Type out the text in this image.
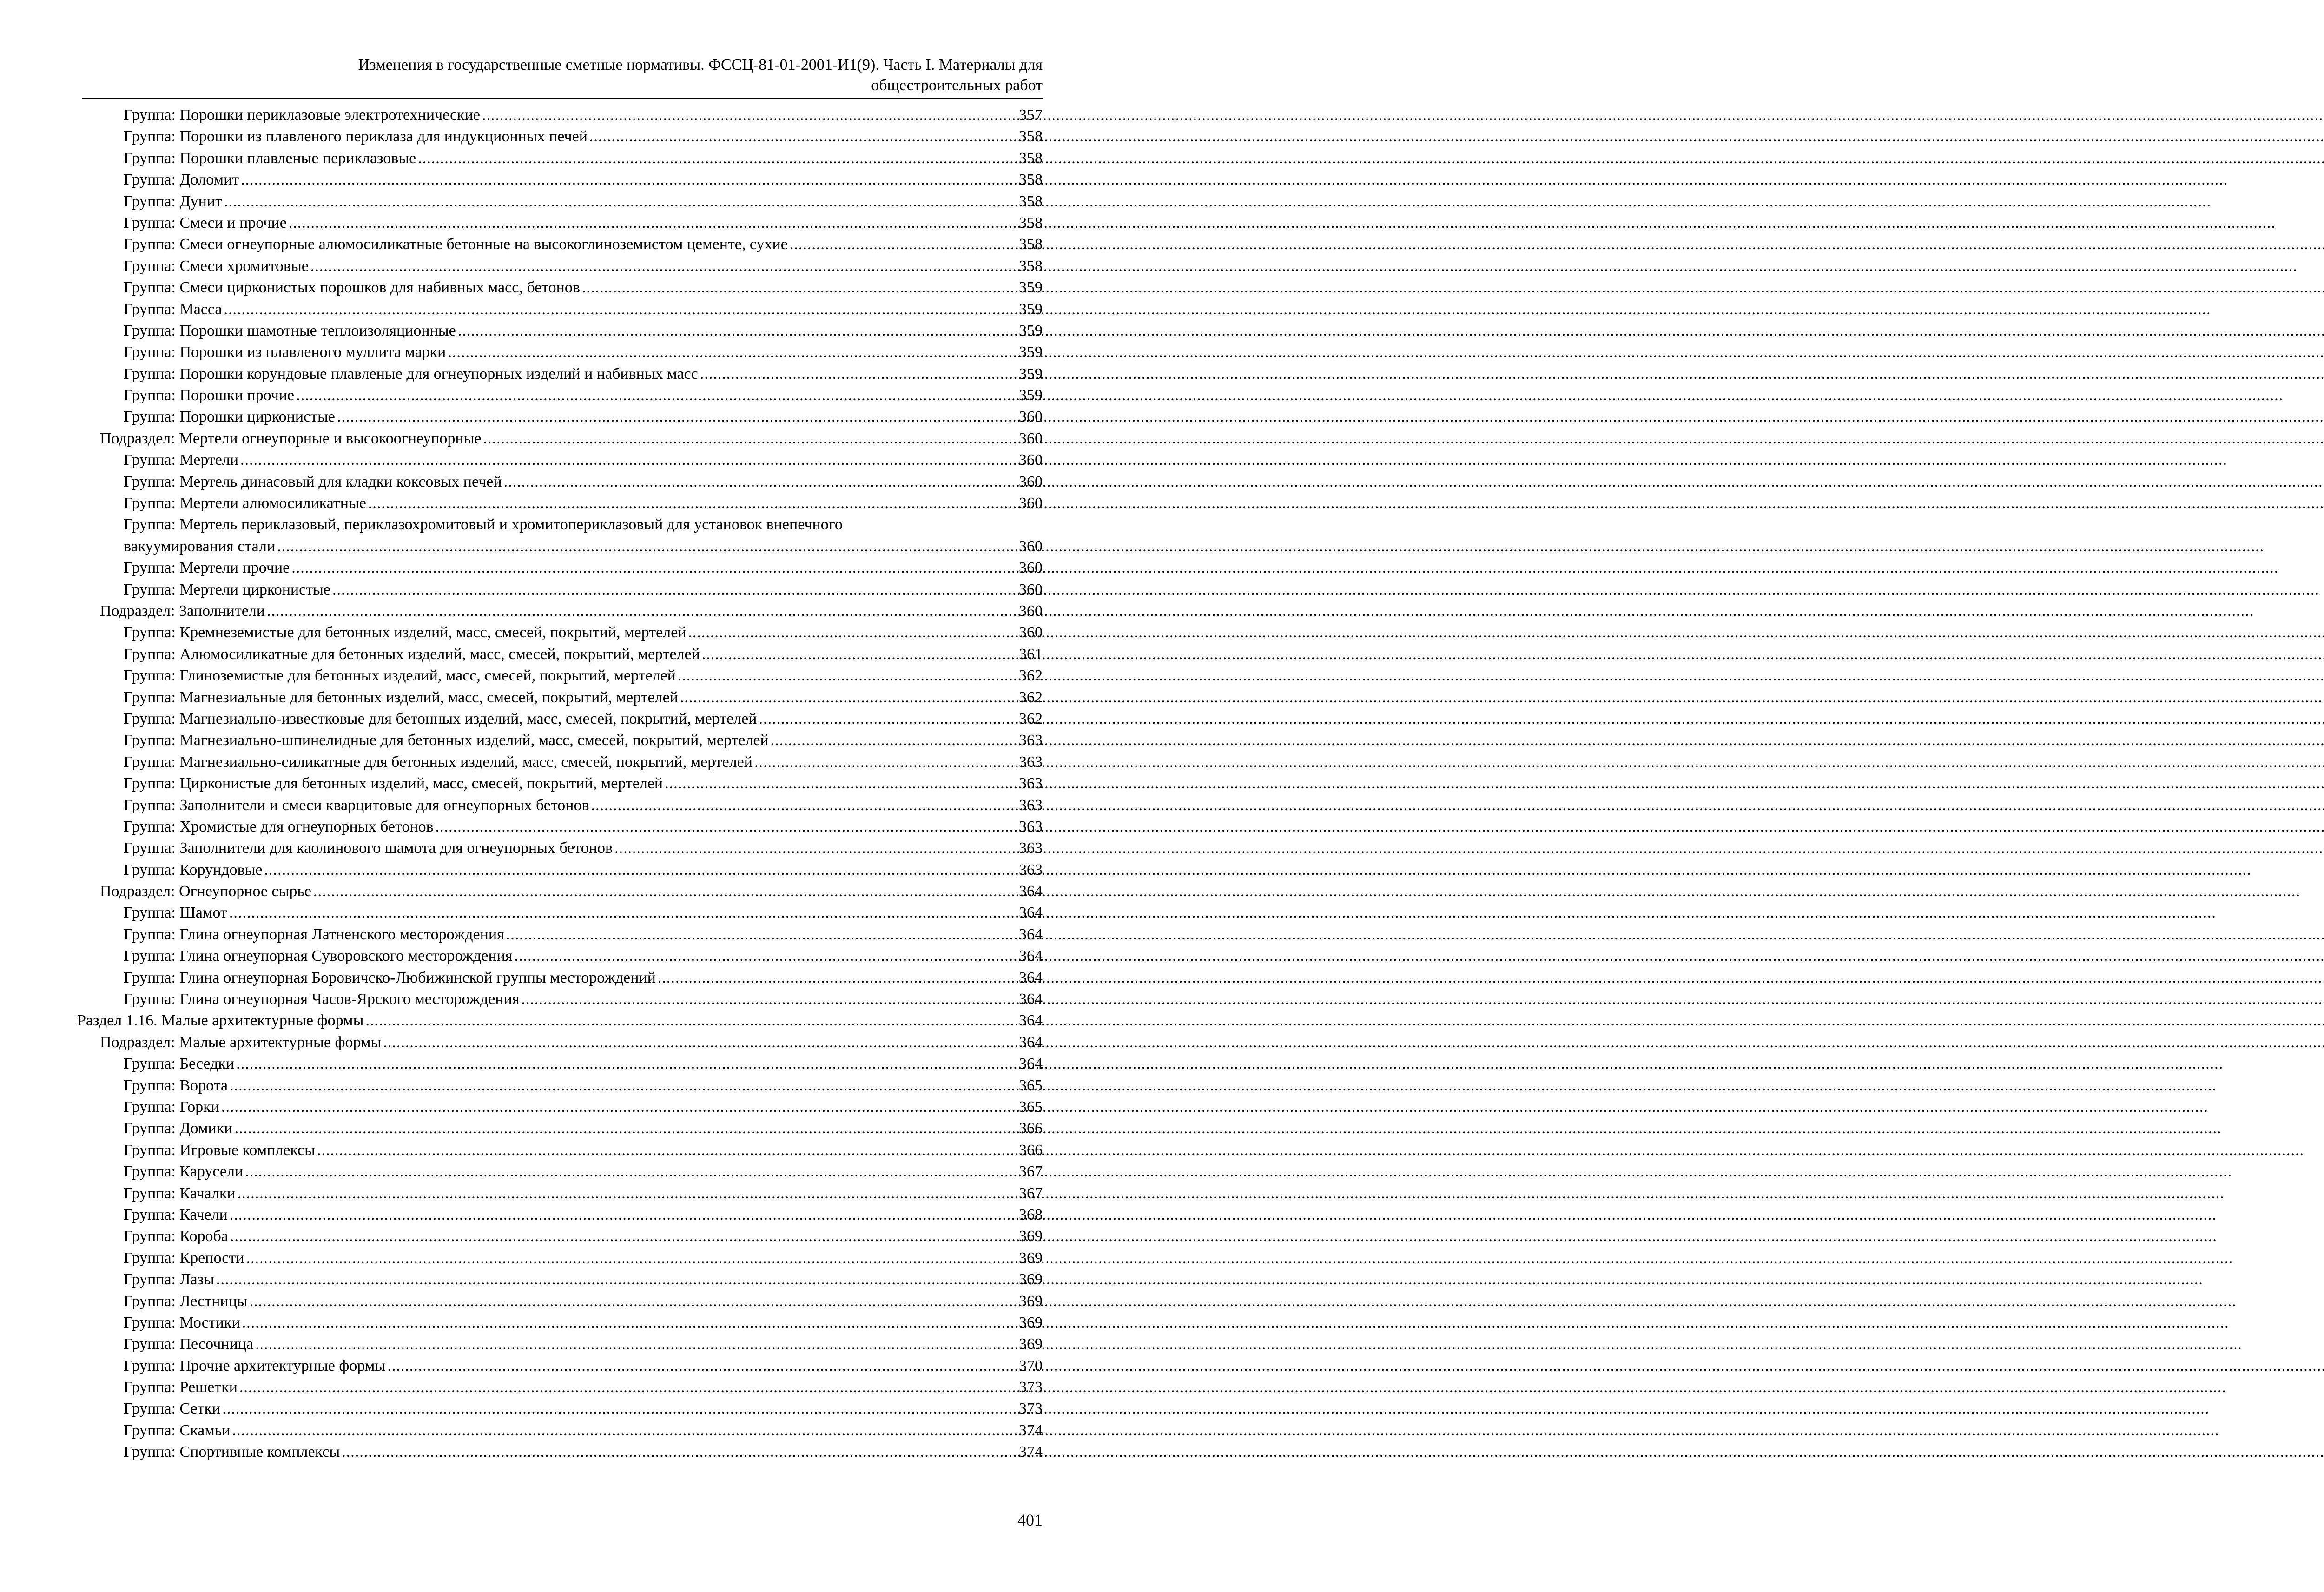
Изменения в государственные сметные нормативы. ФССЦ-81-01-2001-И1(9). Часть I. Материалы для
общестроительных работ
Группа: Порошки периклазовые электротехнические .....	357
Группа: Порошки из плавленого периклаза для индукционных печей .....	358
Группа: Порошки плавленые периклазовые .....	358
Группа: Доломит .....	358
Группа: Дунит .....	358
Группа: Смеси и прочие .....	358
Группа: Смеси огнеупорные алюмосиликатные бетонные на высокоглиноземистом цементе, сухие .....	358
Группа: Смеси хромитовые .....	358
Группа: Смеси цирконистых порошков для набивных масс, бетонов .....	359
Группа: Масса .....	359
Группа: Порошки шамотные теплоизоляционные .....	359
Группа: Порошки из плавленого муллита марки .....	359
Группа: Порошки корундовые плавленые для огнеупорных изделий и набивных масс .....	359
Группа: Порошки прочие .....	359
Группа: Порошки цирконистые .....	360
Подраздел: Мертели огнеупорные и высокоогнеупорные .....	360
Группа: Мертели .....	360
Группа: Мертель динасовый для кладки коксовых печей .....	360
Группа: Мертели алюмосиликатные .....	360
Группа: Мертель периклазовый, периклазохромитовый и хромитопериклазовый для установок внепечного
вакуумирования стали .....	360
Группа: Мертели прочие .....	360
Группа: Мертели цирконистые .....	360
Подраздел: Заполнители .....	360
Группа: Кремнеземистые для бетонных изделий, масс, смесей, покрытий, мертелей .....	360
Группа: Алюмосиликатные для бетонных изделий, масс, смесей, покрытий, мертелей .....	361
Группа: Глиноземистые для бетонных изделий, масс, смесей, покрытий, мертелей .....	362
Группа: Магнезиальные для бетонных изделий, масс, смесей, покрытий, мертелей .....	362
Группа: Магнезиально-известковые для бетонных изделий, масс, смесей, покрытий, мертелей .....	362
Группа: Магнезиально-шпинелидные для бетонных изделий, масс, смесей, покрытий, мертелей .....	363
Группа: Магнезиально-силикатные для бетонных изделий, масс, смесей, покрытий, мертелей .....	363
Группа: Цирконистые для бетонных изделий, масс, смесей, покрытий, мертелей .....	363
Группа: Заполнители и смеси кварцитовые для огнеупорных бетонов .....	363
Группа: Хромистые для огнеупорных бетонов .....	363
Группа: Заполнители для каолинового шамота для огнеупорных бетонов .....	363
Группа: Корундовые .....	363
Подраздел: Огнеупорное сырье .....	364
Группа: Шамот .....	364
Группа: Глина огнеупорная Латненского месторождения .....	364
Группа: Глина огнеупорная Суворовского месторождения .....	364
Группа: Глина огнеупорная Боровичско-Любижинской группы месторождений .....	364
Группа: Глина огнеупорная Часов-Ярского месторождения .....	364
Раздел 1.16. Малые архитектурные формы .....	364
Подраздел: Малые архитектурные формы .....	364
Группа: Беседки .....	364
Группа: Ворота .....	365
Группа: Горки .....	365
Группа: Домики .....	366
Группа: Игровые комплексы .....	366
Группа: Карусели .....	367
Группа: Качалки .....	367
Группа: Качели .....	368
Группа: Короба .....	369
Группа: Крепости .....	369
Группа: Лазы .....	369
Группа: Лестницы .....	369
Группа: Мостики .....	369
Группа: Песочница .....	369
Группа: Прочие архитектурные формы .....	370
Группа: Решетки .....	373
Группа: Сетки .....	373
Группа: Скамьи .....	374
Группа: Спортивные комплексы .....	374
401
